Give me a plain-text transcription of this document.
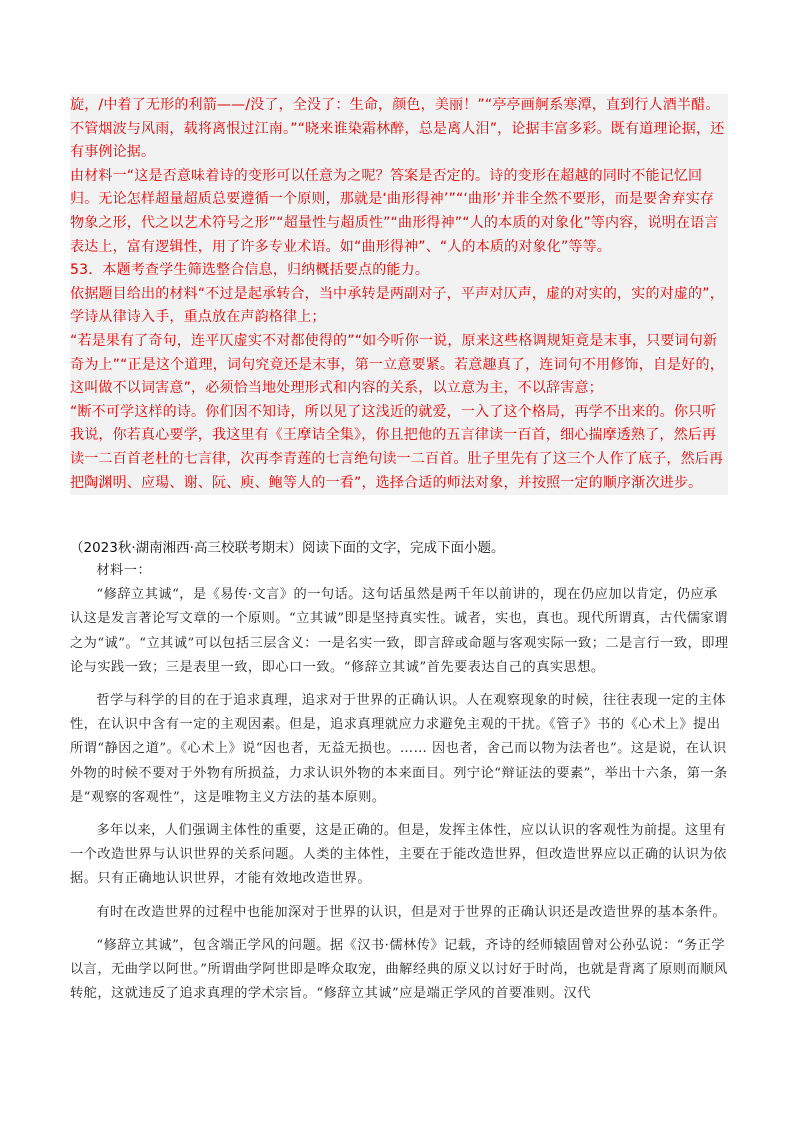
旋，/中着了无形的利箭——/没了，全没了：生命，颜色，美丽！”“亭亭画舸系寒潭，直到行人酒半醋。不管烟波与风雨，载将离恨过江南。”“晓来谁染霜林醉，总是离人泪”，论据丰富多彩。既有道理论据，还有事例论据。

由材料一“这是否意味着诗的变形可以任意为之呢？答案是否定的。诗的变形在超越的同时不能记忆回归。无论怎样超量超质总要遵循一个原则，那就是‘曲形得神’”“‘曲形’并非全然不要形，而是要舍弃实存物象之形，代之以艺术符号之形”“超量性与超质性”“曲形得神”“人的本质的对象化”等内容，说明在语言表达上，富有逻辑性，用了许多专业术语。如“曲形得神”、“人的本质的对象化”等等。

53．本题考查学生筛选整合信息，归纳概括要点的能力。

依据题目给出的材料“不过是起承转合，当中承转是两副对子，平声对仄声，虚的对实的，实的对虚的”，学诗从律诗入手，重点放在声韵格律上；

“若是果有了奇句，连平仄虚实不对都使得的”“如今听你一说，原来这些格调规矩竟是末事，只要词句新奇为上”“正是这个道理，词句究竟还是末事，第一立意要紧。若意趣真了，连词句不用修饰，自是好的，这叫做不以词害意”，必须恰当地处理形式和内容的关系，以立意为主，不以辞害意；

“断不可学这样的诗。你们因不知诗，所以见了这浅近的就爱，一入了这个格局，再学不出来的。你只听我说，你若真心要学，我这里有《王摩诘全集》，你且把他的五言律读一百首，细心揣摩透熟了，然后再读一二百首老杜的七言律，次再李青莲的七言绝句读一二百首。肚子里先有了这三个人作了底子，然后再把陶渊明、应瑒、谢、阮、庾、鲍等人的一看”，选择合适的师法对象，并按照一定的顺序渐次进步。

（2023秋·湖南湘西·高三校联考期末）阅读下面的文字，完成下面小题。

材料一：

“修辞立其诚“，是《易传·文言》的一句话。这句话虽然是两千年以前讲的，现在仍应加以肯定，仍应承认这是发言著论写文章的一个原则。“立其诚”即是坚持真实性。诚者，实也，真也。现代所谓真，古代儒家谓之为“诚”。“立其诚”可以包括三层含义：一是名实一致，即言辞或命题与客观实际一致；二是言行一致，即理论与实践一致；三是表里一致，即心口一致。“修辞立其诚”首先要表达自己的真实思想。

哲学与科学的目的在于追求真理，追求对于世界的正确认识。人在观察现象的时候，往往表现一定的主体性，在认识中含有一定的主观因素。但是，追求真理就应力求避免主观的干扰。《管子》书的《心术上》提出所谓“静因之道”。《心术上》说“因也者，无益无损也。…… 因也者，舍己而以物为法者也”。这是说，在认识外物的时候不要对于外物有所损益，力求认识外物的本来面目。列宁论“辩证法的要素”，举出十六条，第一条是“观察的客观性”，这是唯物主义方法的基本原则。

多年以来，人们强调主体性的重要，这是正确的。但是，发挥主体性，应以认识的客观性为前提。这里有一个改造世界与认识世界的关系问题。人类的主体性，主要在于能改造世界，但改造世界应以正确的认识为依据。只有正确地认识世界，才能有效地改造世界。

有时在改造世界的过程中也能加深对于世界的认识，但是对于世界的正确认识还是改造世界的基本条件。

“修辞立其诚”，包含端正学风的问题。据《汉书·儒林传》记载，齐诗的经师辕固曾对公孙弘说：“务正学以言，无曲学以阿世。”所谓曲学阿世即是哗众取宠，曲解经典的原义以讨好于时尚，也就是背离了原则而顺风转舵，这就违反了追求真理的学术宗旨。“修辞立其诚”应是端正学风的首要准则。汉代
